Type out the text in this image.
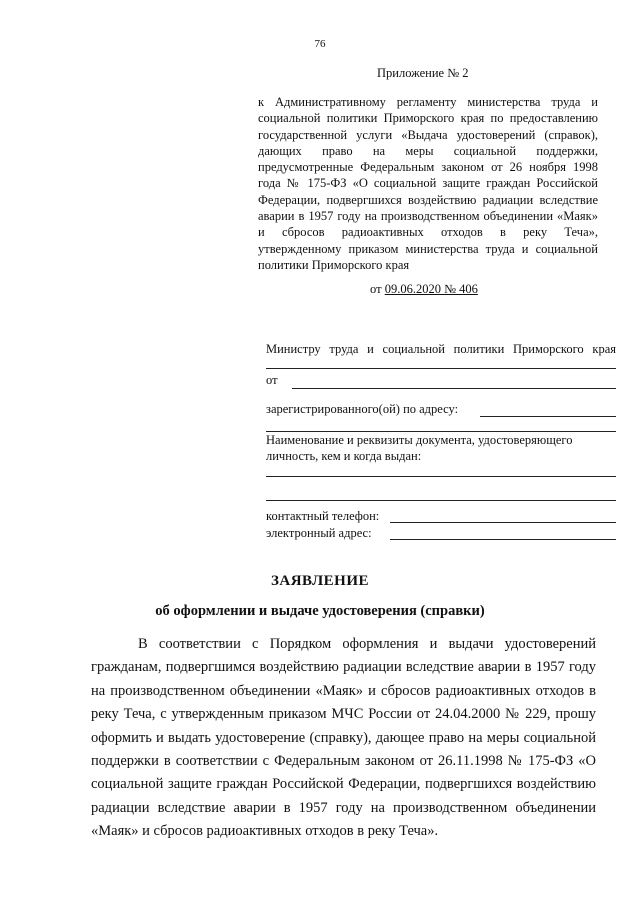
76
Приложение № 2
к Административному регламенту министерства труда и социальной политики Приморского края по предоставлению государственной услуги «Выдача удостоверений (справок), дающих право на меры социальной поддержки, предусмотренные Федеральным законом от 26 ноября 1998 года № 175-ФЗ «О социальной защите граждан Российской Федерации, подвергшихся воздействию радиации вследствие аварии в 1957 году на производственном объединении «Маяк» и сбросов радиоактивных отходов в реку Теча», утвержденному приказом министерства труда и социальной политики Приморского края
от 09.06.2020 № 406
Министру труда и социальной политики Приморского края
от
зарегистрированного(ой) по адресу:
Наименование и реквизиты документа, удостоверяющего личность, кем и когда выдан:
контактный телефон:
электронный адрес:
ЗАЯВЛЕНИЕ
об оформлении и выдаче удостоверения (справки)
В соответствии с Порядком оформления и выдачи удостоверений гражданам, подвергшимся воздействию радиации вследствие аварии в 1957 году на производственном объединении «Маяк» и сбросов радиоактивных отходов в реку Теча, с утвержденным приказом МЧС России от 24.04.2000 № 229, прошу оформить и выдать удостоверение (справку), дающее право на меры социальной поддержки в соответствии с Федеральным законом от 26.11.1998 № 175-ФЗ «О социальной защите граждан Российской Федерации, подвергшихся воздействию радиации вследствие аварии в 1957 году на производственном объединении «Маяк» и сбросов радиоактивных отходов в реку Теча».
